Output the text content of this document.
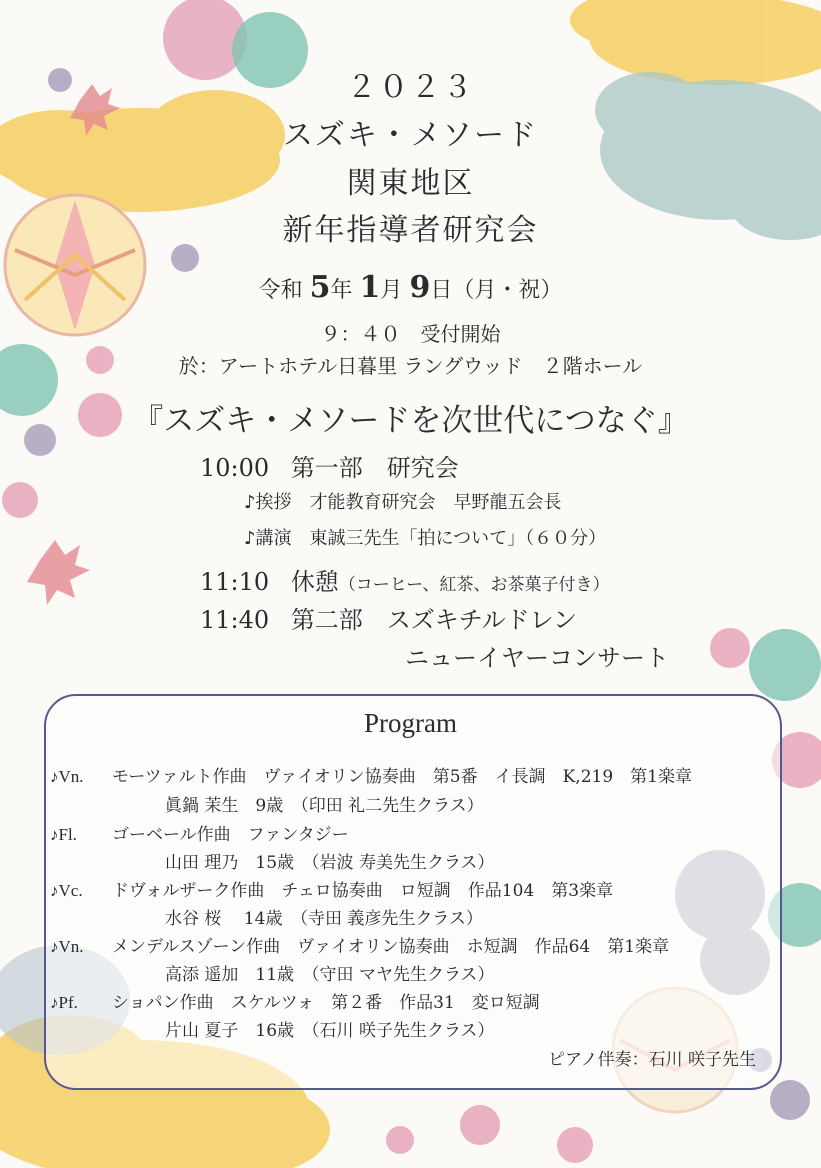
２０２３
スズキ・メソード
関東地区
新年指導者研究会
令和 5年 1月 9日（月・祝）
９：４０　受付開始
於：アートホテル日暮里 ラングウッド　２階ホール
『スズキ・メソードを次世代につなぐ』
10:00 第一部　研究会
♪挨拶　才能教育研究会　早野龍五会長
♪講演　東誠三先生「拍について」（６０分）
11:10 休憩（コーヒー、紅茶、お茶菓子付き）
11:40 第二部　スズキチルドレン
ニューイヤーコンサート
Program
♪Vn. モーツァルト作曲　ヴァイオリン協奏曲　第5番　イ長調　K,219　第1楽章
眞鍋 茉生　9歳　（印田 礼二先生クラス）
♪Fl. ゴーベール作曲　ファンタジー
山田 理乃　15歳　（岩波 寿美先生クラス）
♪Vc. ドヴォルザーク作曲　チェロ協奏曲　ロ短調　作品104　第3楽章
水谷 桜　 14歳　（寺田 義彦先生クラス）
♪Vn. メンデルスゾーン作曲　ヴァイオリン協奏曲　ホ短調　作品64　第1楽章
高添 遥加　11歳　（守田 マヤ先生クラス）
♪Pf. ショパン作曲　スケルツォ　第２番　作品31　変ロ短調
片山 夏子　16歳　（石川 咲子先生クラス）
ピアノ伴奏：石川 咲子先生
